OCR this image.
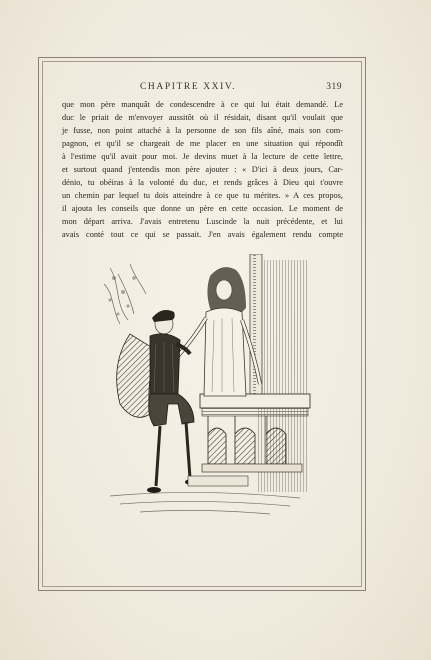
CHAPITRE XXIV.	319
que mon père manquât de condescendre à ce qui lui était demandé. Le
duc le priait de m'envoyer aussitôt où il résidait, disant qu'il voulait que
je fusse, non point attaché à la personne de son fils aîné, mais son com-
pagnon, et qu'il se chargeait de me placer en une situation qui répondît
à l'estime qu'il avait pour moi. Je devins muet à la lecture de cette lettre,
et surtout quand j'entendis mon père ajouter : « D'ici à deux jours, Car-
dénio, tu obéiras à la volonté du duc, et rends grâces à Dieu qui t'ouvre
un chemin par lequel tu dois atteindre à ce que tu mérites. » A ces propos,
il ajouta les conseils que donne un père en cette occasion. Le moment de
mon départ arriva. J'avais entretenu Luscinde la nuit précédente, et lui
avais conté tout ce qui se passait. J'en avais également rendu compte
